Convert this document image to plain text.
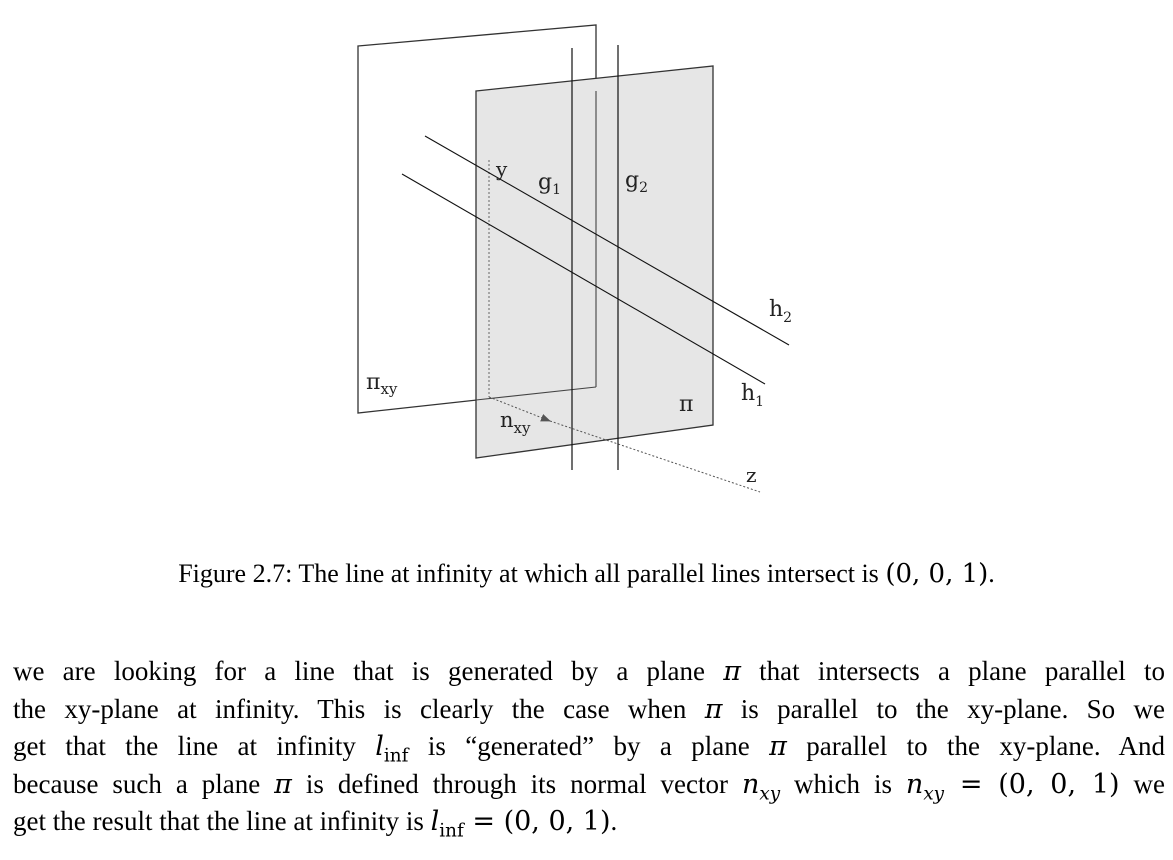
y
$g_1$	$g_2$
$h_2$
$h_1$
$\pi_{xy}$
$n_{xy}$
π
z
Figure 2.7: The line at infinity at which all parallel lines intersect is (0, 0, 1).
we are looking for a line that is generated by a plane π that intersects a plane parallel to
the xy-plane at infinity. This is clearly the case when π is parallel to the xy-plane. So we
get that the line at infinity $l_{inf}$ is “generated” by a plane π parallel to the xy-plane. And
because such a plane π is defined through its normal vector $n_{xy}$ which is $n_{xy} = (0$, 0, 1) we
get the result that the line at infinity is $l_{inf} = (0$, 0, 1).
